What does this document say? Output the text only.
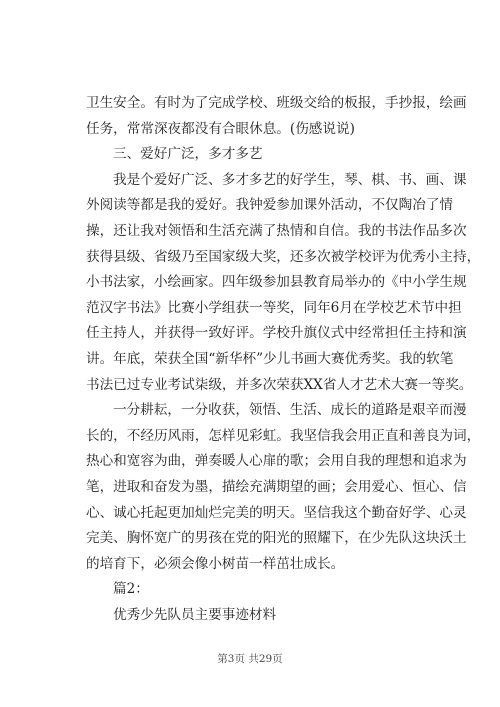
卫生安全。有时为了完成学校、班级交给的板报，手抄报，绘画
任务，常常深夜都没有合眼休息。(伤感说说)
三、爱好广泛，多才多艺
我是个爱好广泛、多才多艺的好学生，琴、棋、书、画、课
外阅读等都是我的爱好。我钟爱参加课外活动，不仅陶冶了情
操，还让我对领悟和生活充满了热情和自信。我的书法作品多次
获得县级、省级乃至国家级大奖，还多次被学校评为优秀小主持，
小书法家，小绘画家。四年级参加县教育局举办的《中小学生规
范汉字书法》比赛小学组获一等奖，同年6月在学校艺术节中担
任主持人，并获得一致好评。学校升旗仪式中经常担任主持和演
讲。年底，荣获全国“新华杯”少儿书画大赛优秀奖。我的软笔
书法已过专业考试柒级，并多次荣获XX省人才艺术大赛一等奖。
一分耕耘，一分收获，领悟、生活、成长的道路是艰辛而漫
长的，不经历风雨，怎样见彩虹。我坚信我会用正直和善良为词，
热心和宽容为曲，弹奏暖人心扉的歌；会用自我的理想和追求为
笔，进取和奋发为墨，描绘充满期望的画；会用爱心、恒心、信
心、诚心托起更加灿烂完美的明天。坚信我这个勤奋好学、心灵
完美、胸怀宽广的男孩在党的阳光的照耀下，在少先队这块沃土
的培育下，必须会像小树苗一样茁壮成长。
篇2：
优秀少先队员主要事迹材料
第3页 共29页
